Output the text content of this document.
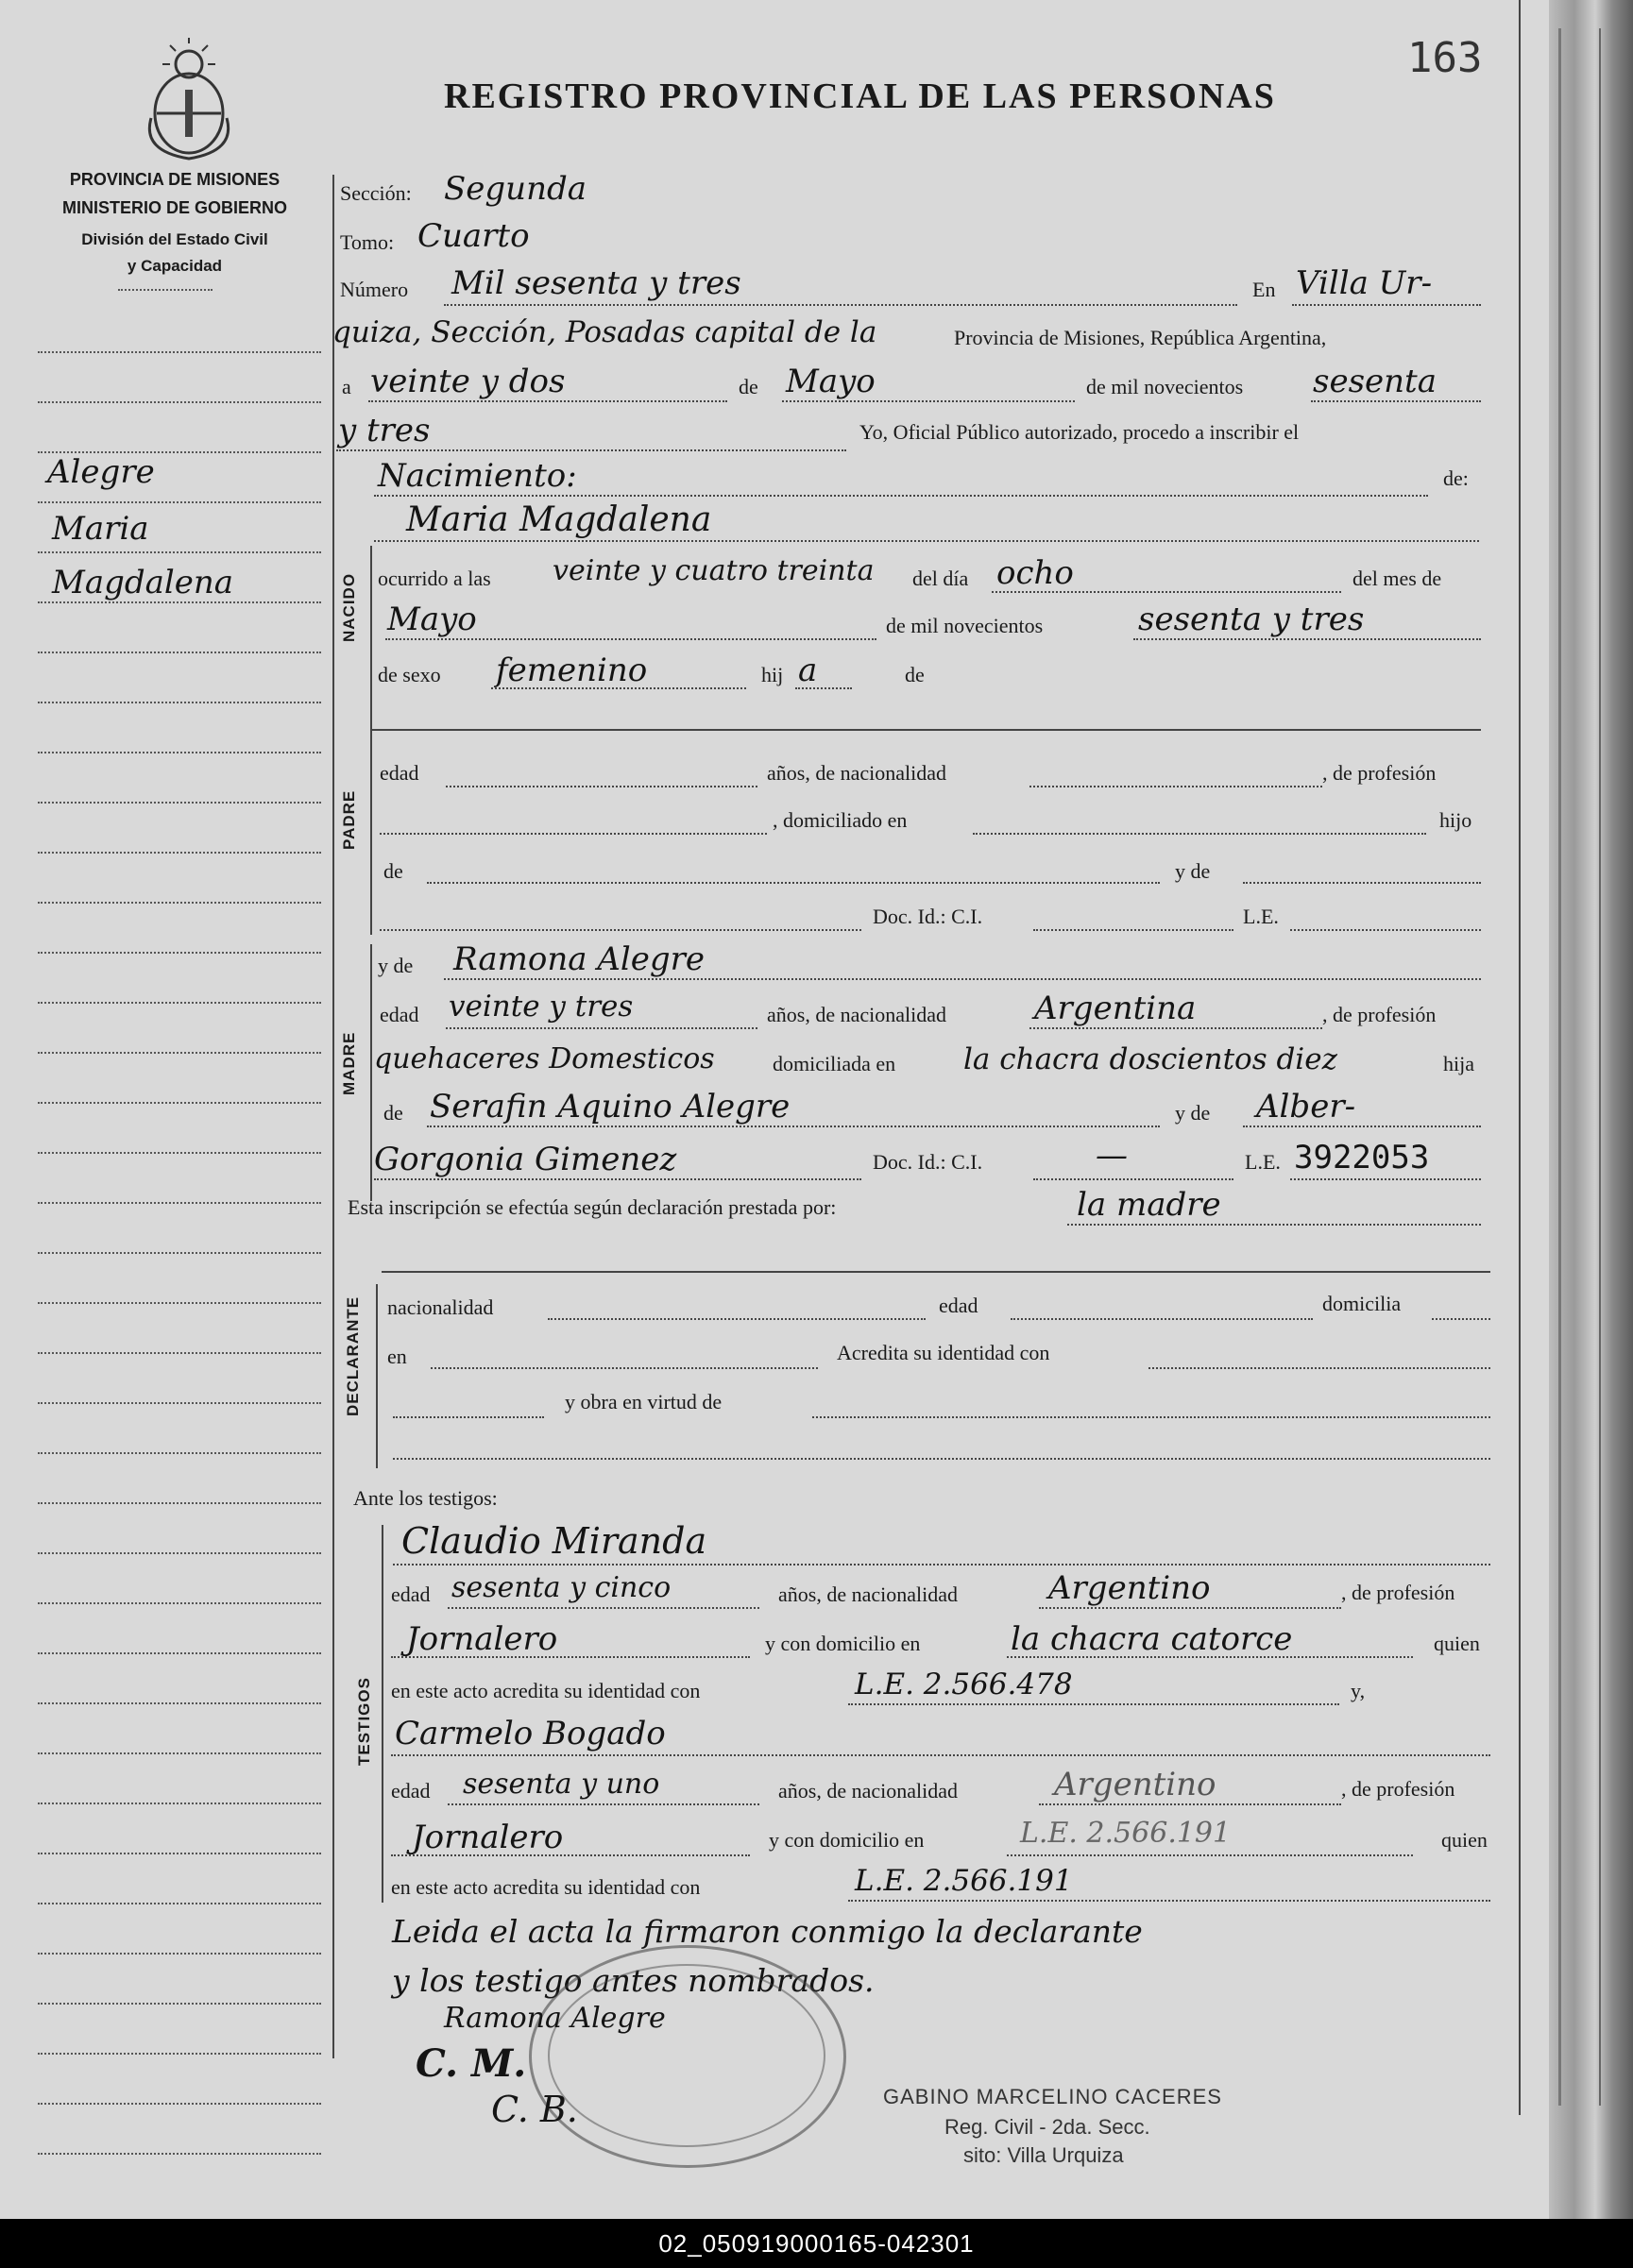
REGISTRO PROVINCIAL DE LAS PERSONAS
163
PROVINCIA DE MISIONES
MINISTERIO DE GOBIERNO
División del Estado Civil
y Capacidad
Alegre
Maria
Magdalena
Sección: Segunda
Tomo: Cuarto
Número Mil sesenta y tres	En Villa Ur-
quiza, Sección, Posadas capital de la	Provincia de Misiones, República Argentina,
a veinte y dos	de Mayo	de mil novecientos sesenta
y tres	Yo, Oficial Público autorizado, procedo a inscribir el
Nacimiento:	de:
Maria Magdalena
NACIDO ocurrido a las veinte y cuatro treinta del día ocho	del mes de
Mayo	de mil novecientos	sesenta y tres
de sexo femenino	hij a	de
PADRE
edad	años, de nacionalidad	, de profesión
, domiciliado en	hijo
de	y de
Doc. Id.: C.I.	L.E.
MADRE
y de Ramona Alegre
edad veinte y tres	años, de nacionalidad	Argentina	, de profesión
quehaceres Domesticos	domiciliada en la chacra doscientos diez	hija
de Serafin Aquino Alegre	y de Alber-
Gorgonia Gimenez	Doc. Id.: C.I.	—	L.E. 3922053
Esta inscripción se efectúa según declaración prestada por:	la madre
DECLARANTE nacionalidad	edad	domicilia
en	Acredita su identidad con
y obra en virtud de
Ante los testigos:
TESTIGOS
Claudio Miranda
edad sesenta y cinco	años, de nacionalidad	Argentino	, de profesión
Jornalero	y con domicilio en	la chacra catorce	quien
en este acto acredita su identidad con	L.E. 2.566.478	y,
Carmelo Bogado
edad sesenta y uno	años, de nacionalidad	Argentino	, de profesión
Jornalero	y con domicilio en	L.E. 2.566.191	quien
en este acto acredita su identidad con	L.E. 2.566.191
Leida el acta la firmaron conmigo la declarante
y los testigo antes nombrados.
Ramona Alegre
C. M.
C. B.	GABINO MARCELINO CACERES
Reg. Civil - 2da. Secc.
sito: Villa Urquiza
02_050919000165-042301
